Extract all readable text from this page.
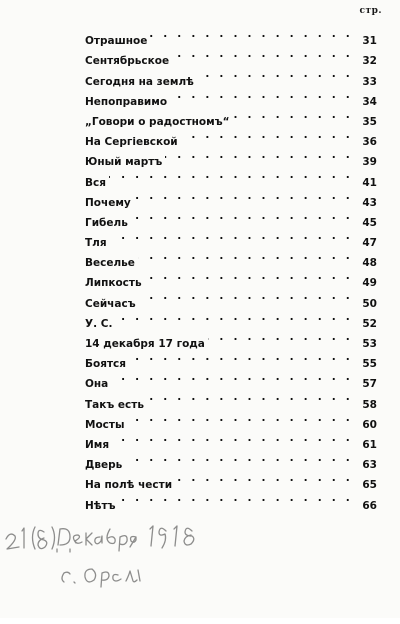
стр.
Отрашное . . .	31
Сентябрьское . . .	32
Сегодня на землѣ . . .	33
Непоправимо . . .	34
„Говори о радостномъ“ . . .	35
На Сергіевской . . .	36
Юный мартъ . . .	39
Вся . . .	41
Почему . . .	43
Гибель . . .	45
Тля . . .	47
Веселье . . .	48
Липкость . . .	49
Сейчасъ . . .	50
У. С. . . .	52
14 декабря 17 года . . .	53
Боятся . . .	55
Она . . .	57
Такъ есть . . .	58
Мосты . . .	60
Имя . . .	61
Дверь . . .	63
На полѣ чести . . .	65
Нѣтъ . . .	66
